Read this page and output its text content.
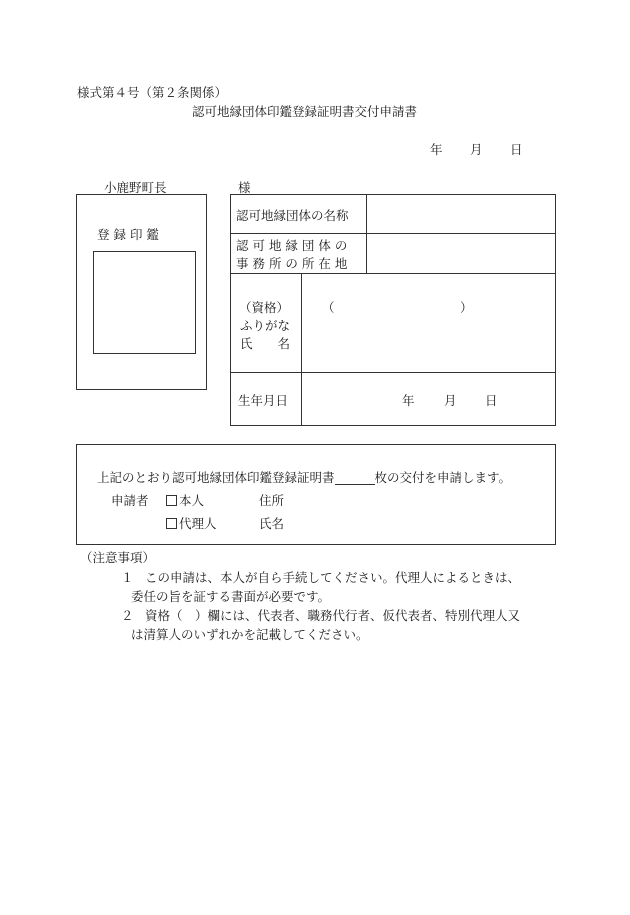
様式第４号（第２条関係）
認可地縁団体印鑑登録証明書交付申請書
年 月 日
小鹿野町長	様
登 録 印 鑑
認可地縁団体の名称
認 可 地 縁 団 体 の
事 務 所 の 所 在 地
（資格）
ふりがな
氏　　名
（	）
生年月日	年 月 日
上記のとおり認可地縁団体印鑑登録証明書	枚の交付を申請します。
申請者	本人	住所
代理人	氏名
（注意事項）
１ この申請は、本人が自ら手続してください。代理人によるときは、
委任の旨を証する書面が必要です。
２ 資格（　）欄には、代表者、職務代行者、仮代表者、特別代理人又
は清算人のいずれかを記載してください。
